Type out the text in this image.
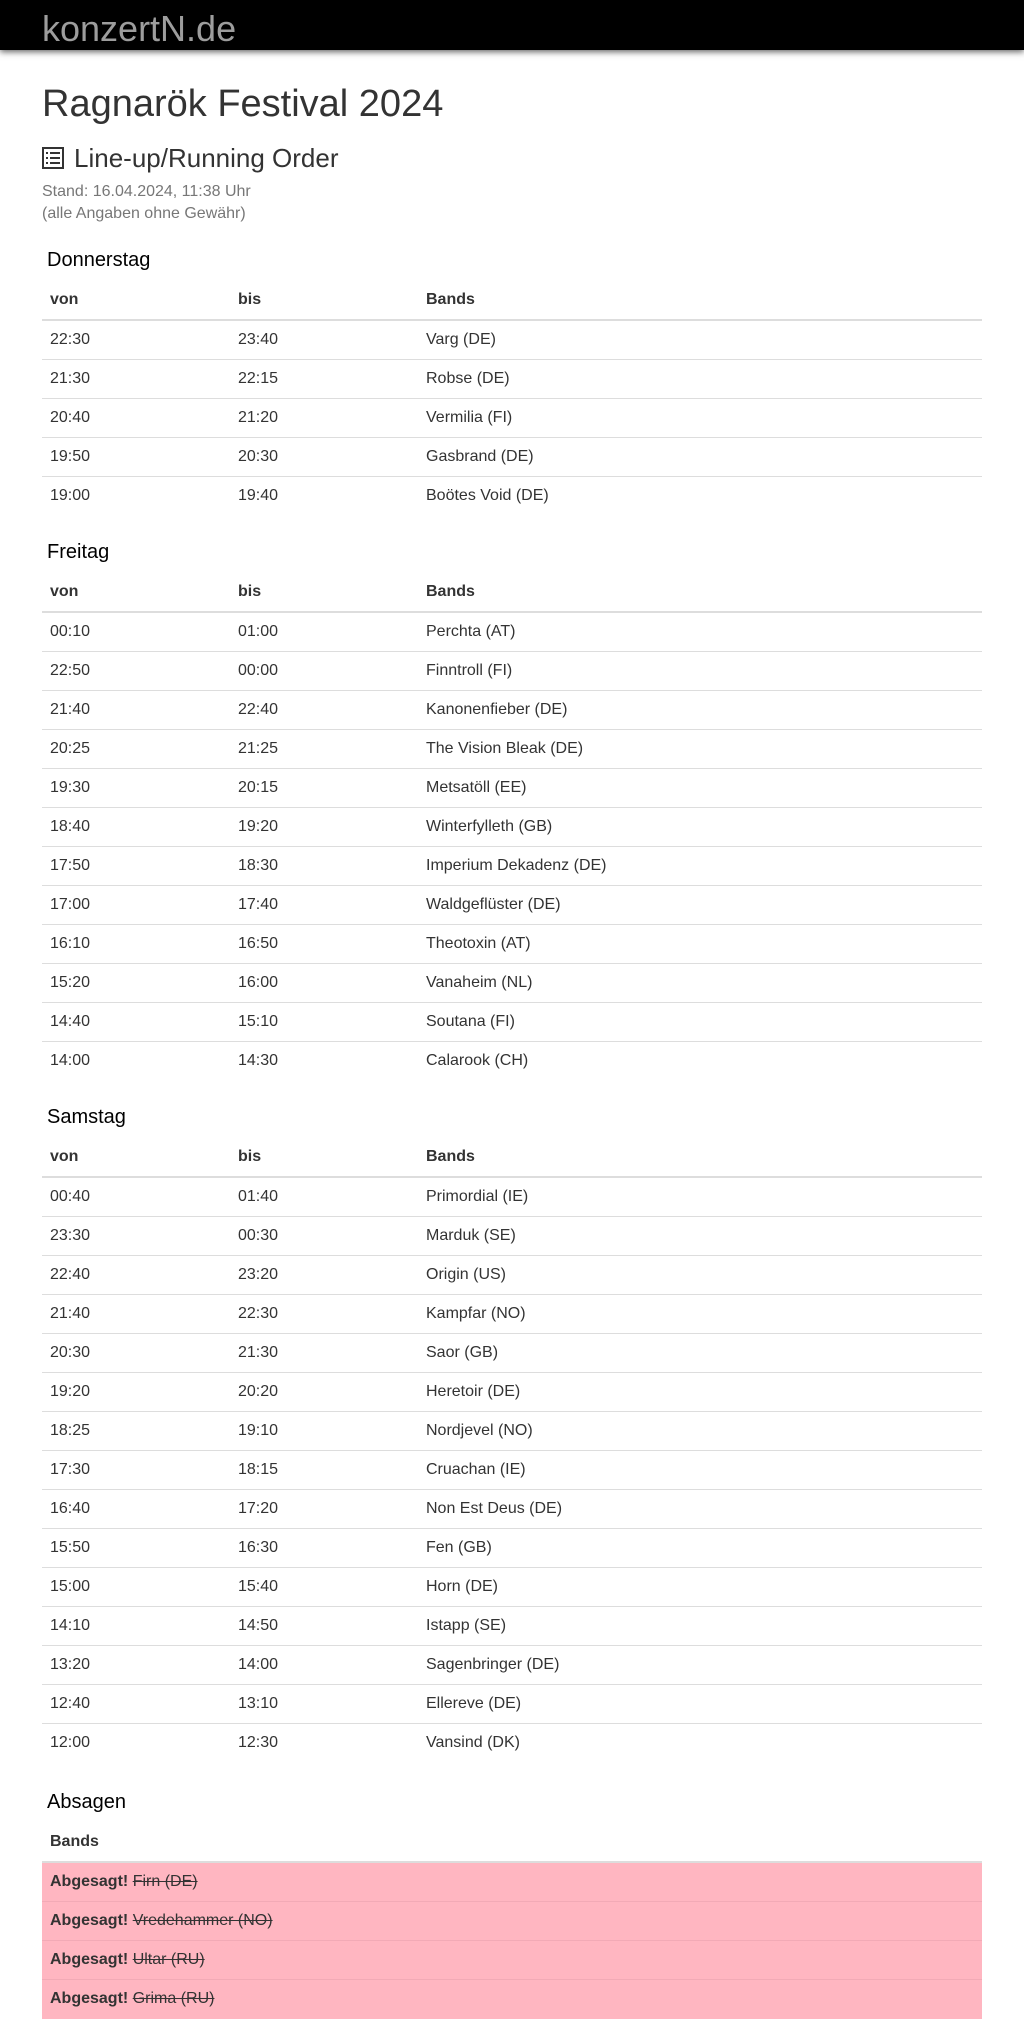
konzertN.de
Ragnarök Festival 2024
Line-up/Running Order
Stand: 16.04.2024, 11:38 Uhr
(alle Angaben ohne Gewähr)
Donnerstag
von	bis	Bands
22:30	23:40	Varg (DE)
21:30	22:15	Robse (DE)
20:40	21:20	Vermilia (FI)
19:50	20:30	Gasbrand (DE)
19:00	19:40	Boötes Void (DE)
Freitag
von	bis	Bands
00:10	01:00	Perchta (AT)
22:50	00:00	Finntroll (FI)
21:40	22:40	Kanonenfieber (DE)
20:25	21:25	The Vision Bleak (DE)
19:30	20:15	Metsatöll (EE)
18:40	19:20	Winterfylleth (GB)
17:50	18:30	Imperium Dekadenz (DE)
17:00	17:40	Waldgeflüster (DE)
16:10	16:50	Theotoxin (AT)
15:20	16:00	Vanaheim (NL)
14:40	15:10	Soutana (FI)
14:00	14:30	Calarook (CH)
Samstag
von	bis	Bands
00:40	01:40	Primordial (IE)
23:30	00:30	Marduk (SE)
22:40	23:20	Origin (US)
21:40	22:30	Kampfar (NO)
20:30	21:30	Saor (GB)
19:20	20:20	Heretoir (DE)
18:25	19:10	Nordjevel (NO)
17:30	18:15	Cruachan (IE)
16:40	17:20	Non Est Deus (DE)
15:50	16:30	Fen (GB)
15:00	15:40	Horn (DE)
14:10	14:50	Istapp (SE)
13:20	14:00	Sagenbringer (DE)
12:40	13:10	Ellereve (DE)
12:00	12:30	Vansind (DK)
Absagen
Bands
Abgesagt! Firn (DE)
Abgesagt! Vredehammer (NO)
Abgesagt! Ultar (RU)
Abgesagt! Grima (RU)
